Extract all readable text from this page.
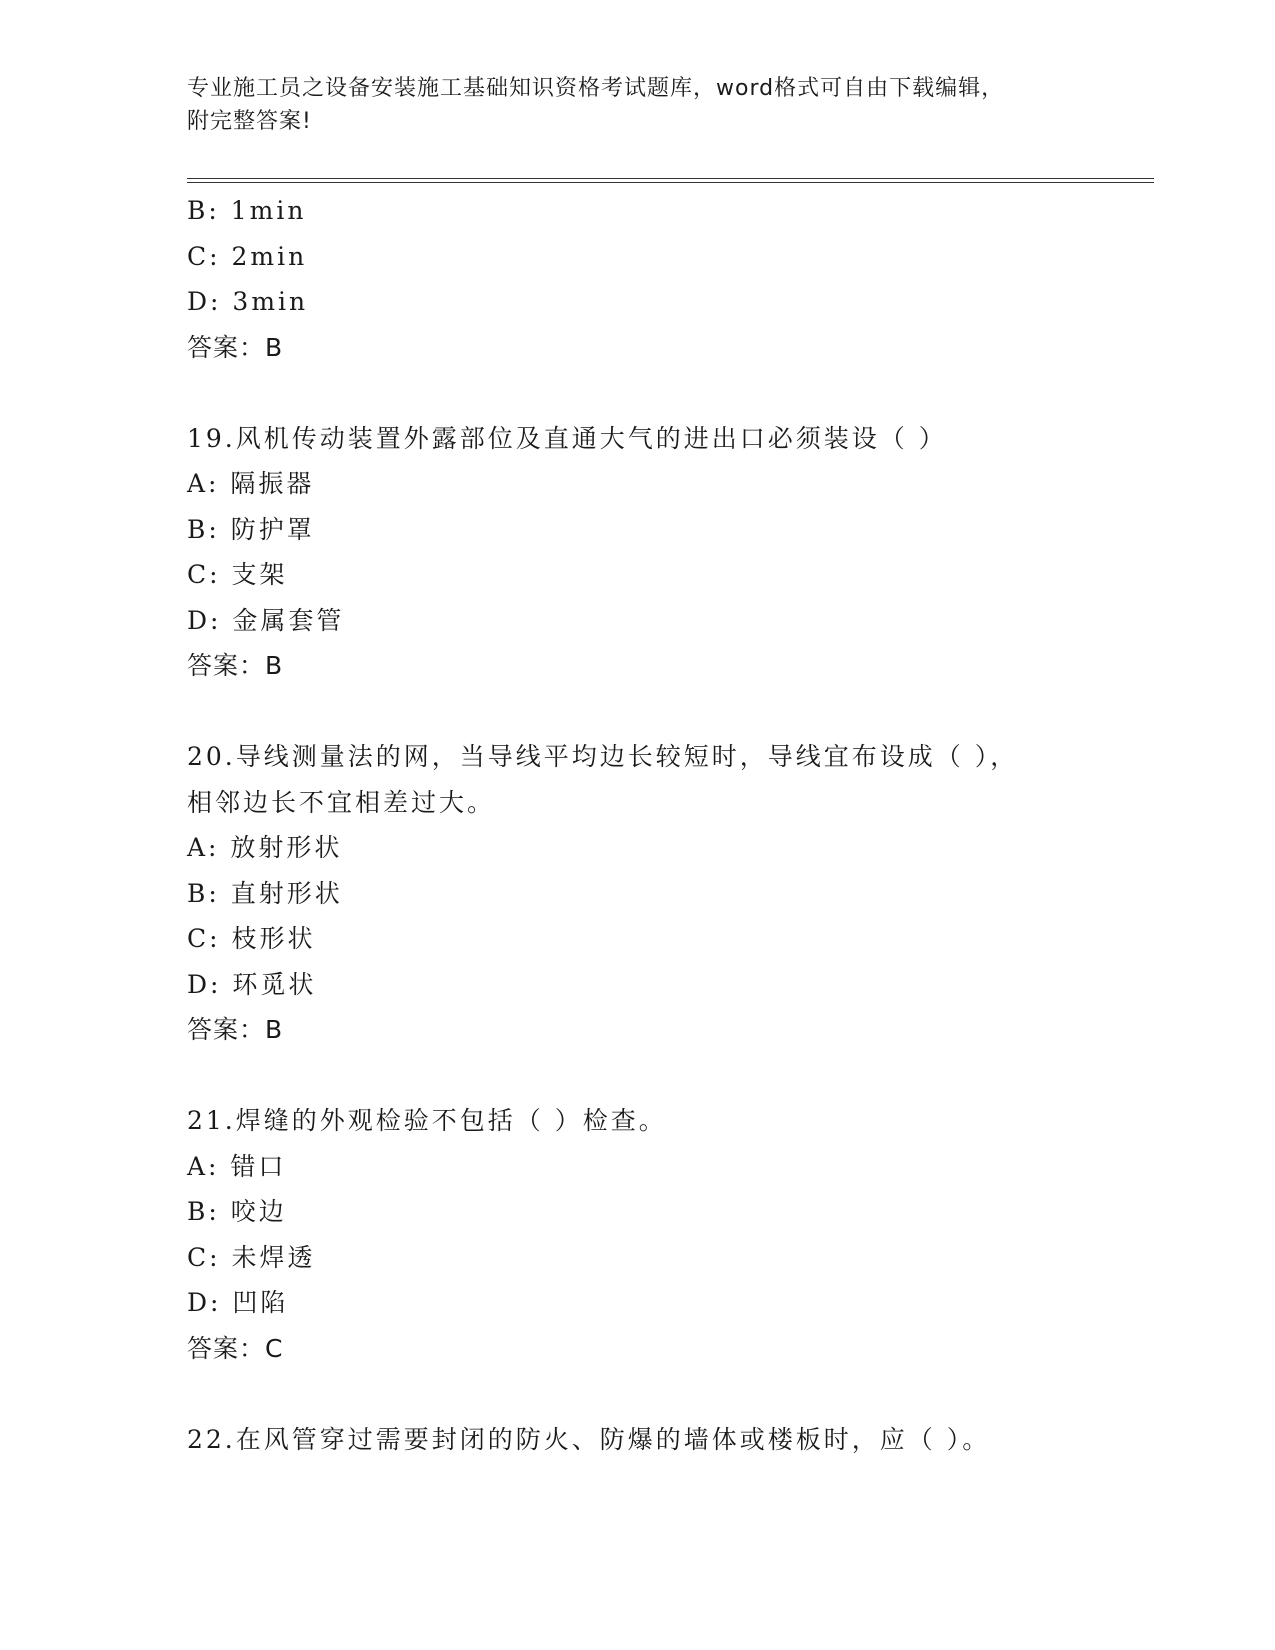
专业施工员之设备安装施工基础知识资格考试题库，word格式可自由下载编辑，
附完整答案!
B: 1min
C: 2min
D: 3min
答案：B
19.风机传动装置外露部位及直通大气的进出口必须装设（ ）
A: 隔振器
B: 防护罩
C: 支架
D: 金属套管
答案：B
20.导线测量法的网，当导线平均边长较短时，导线宜布设成（ ），
相邻边长不宜相差过大。
A: 放射形状
B: 直射形状
C: 枝形状
D: 环觅状
答案：B
21.焊缝的外观检验不包括（ ）检查。
A: 错口
B: 咬边
C: 未焊透
D: 凹陷
答案：C
22.在风管穿过需要封闭的防火、防爆的墙体或楼板时，应（ ）。
